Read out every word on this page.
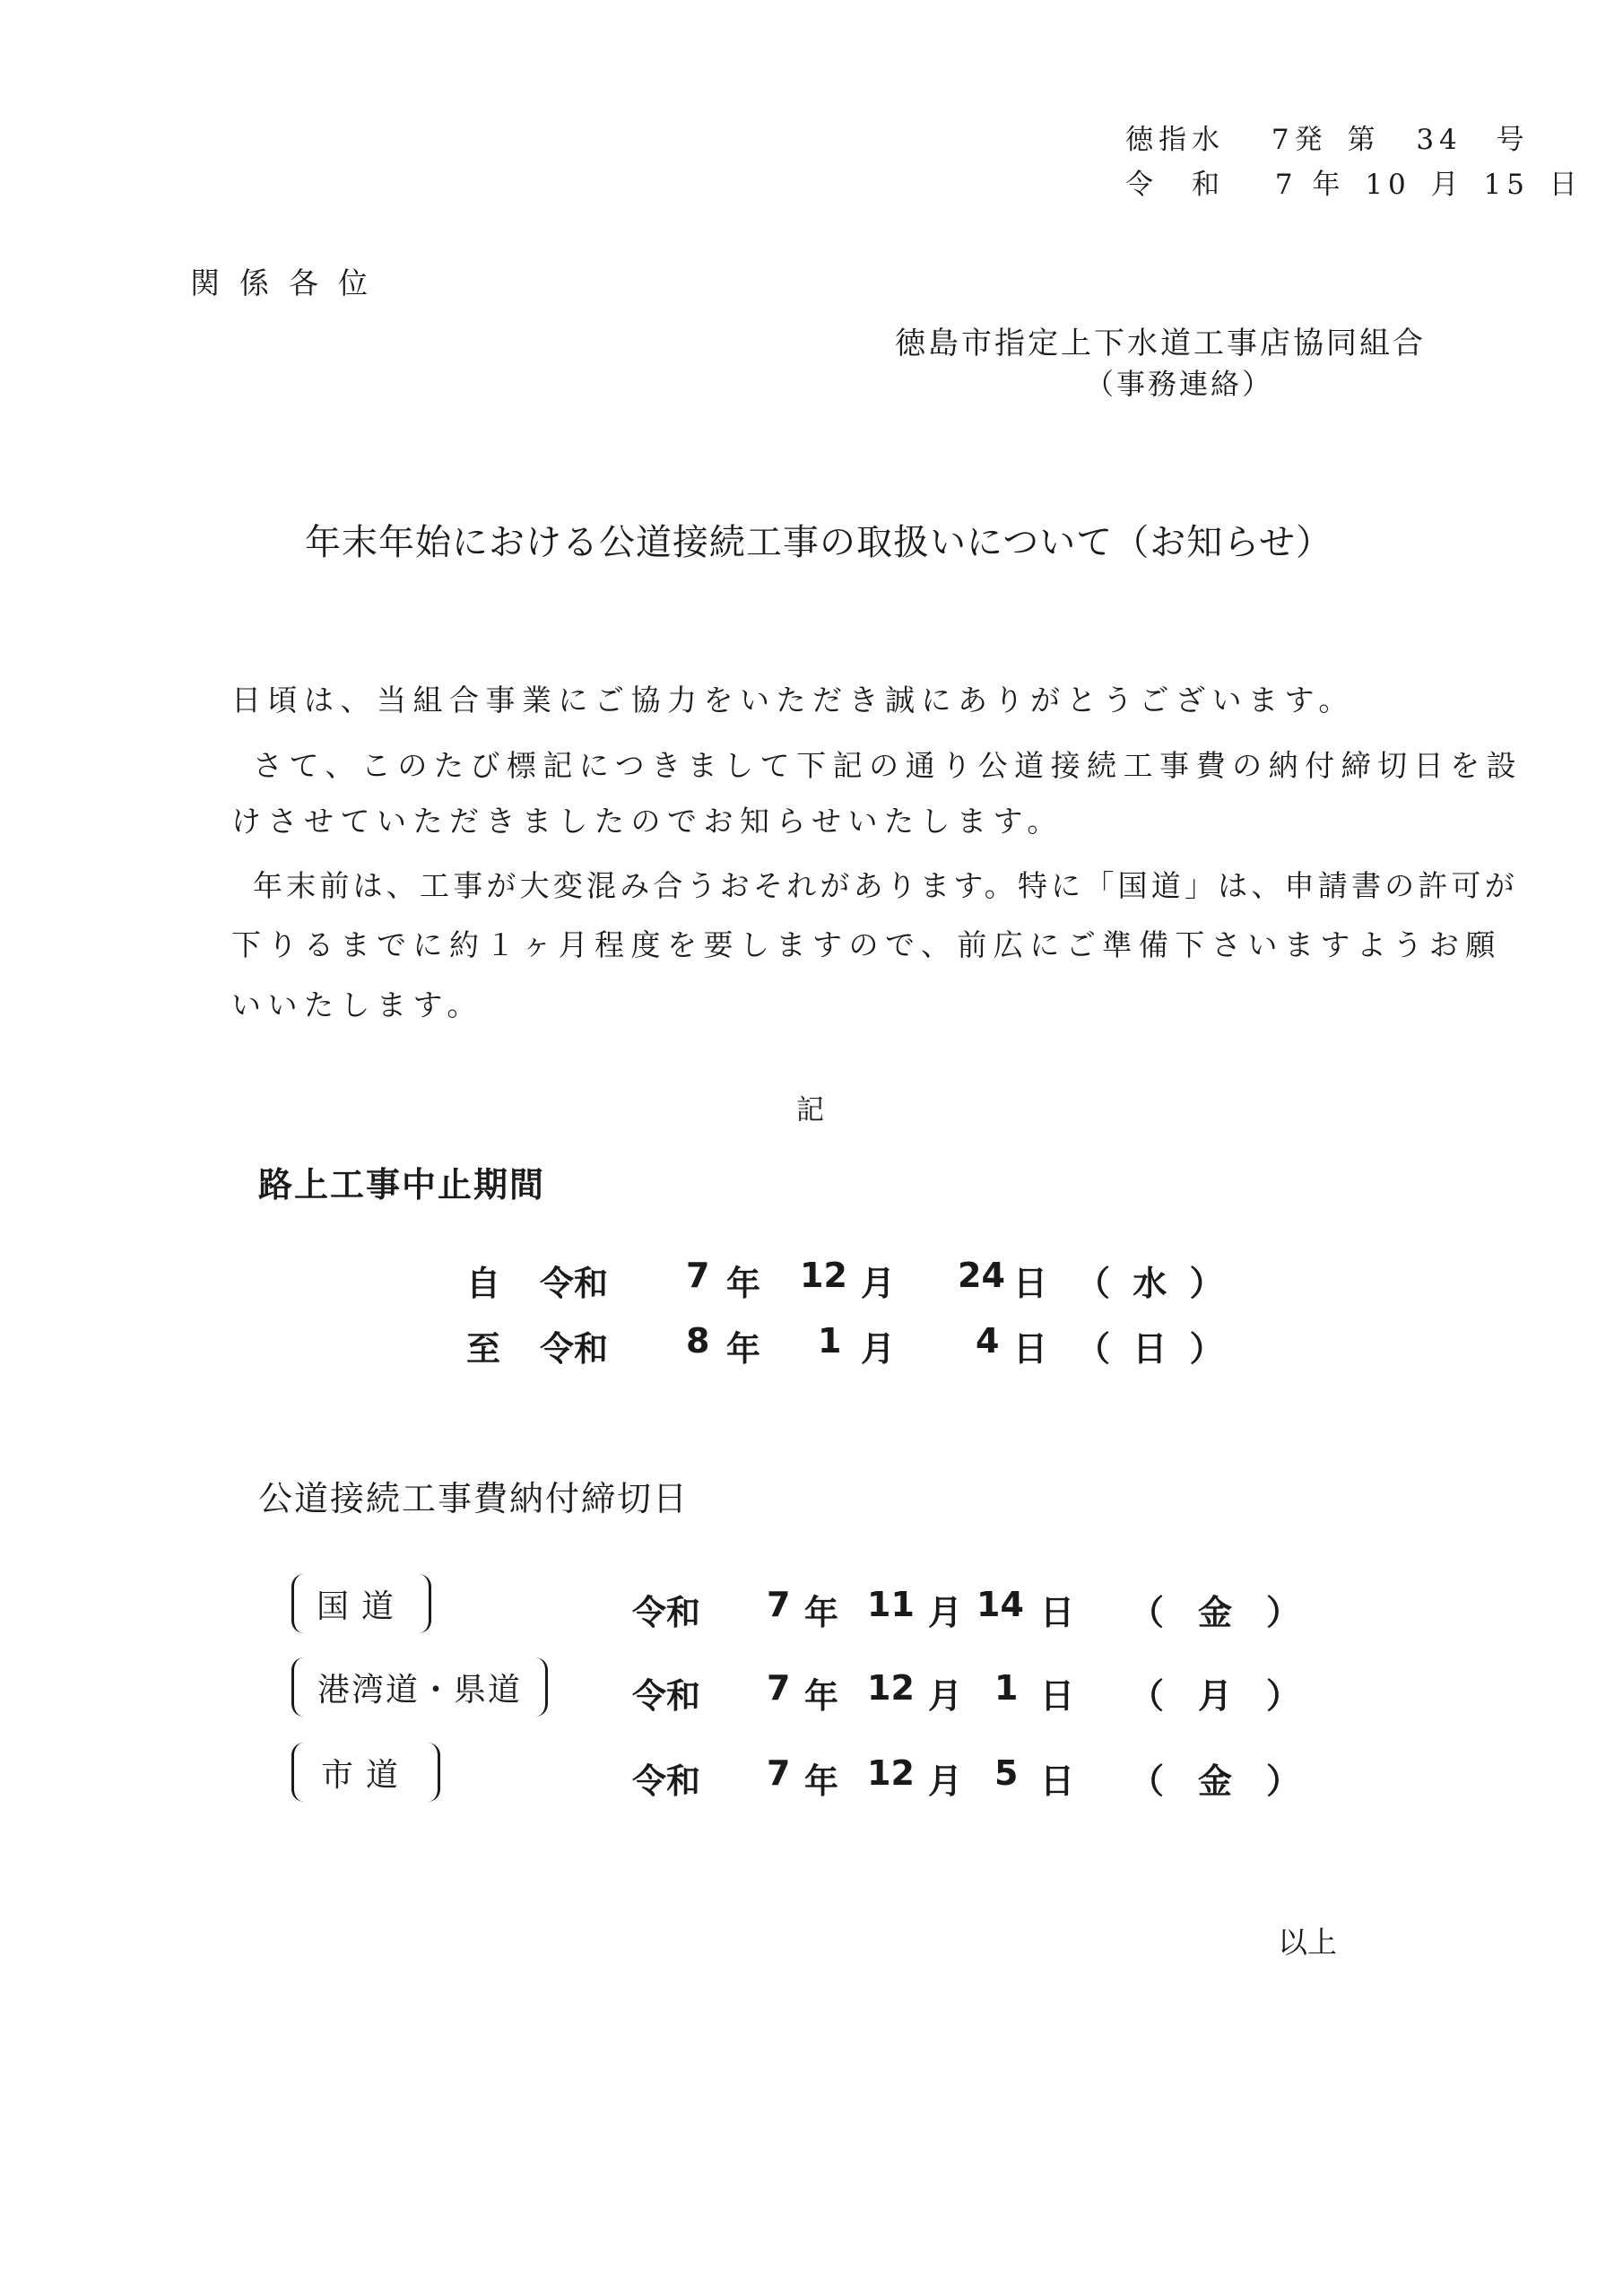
徳指水 7発 第 34 号
令　和 7 年 10 月 15 日
関係各位
徳島市指定上下水道工事店協同組合
（事務連絡）
年末年始における公道接続工事の取扱いについて（お知らせ）
日頃は、当組合事業にご協力をいただき誠にありがとうございます。
さて、このたび標記につきまして下記の通り公道接続工事費の納付締切日を設
けさせていただきましたのでお知らせいたします。
年末前は、工事が大変混み合うおそれがあります。特に「国道」は、申請書の許可が
下りるまでに約１ヶ月程度を要しますので、前広にご準備下さいますようお願
いいたします。
記
路上工事中止期間
自 令和 7 年 12 月 24 日 （ 水 ）
至 令和 8 年 1 月 4 日 （ 日 ）
公道接続工事費納付締切日
国道	令和 7 年 11 月 14 日 （　金　）
港湾道・県道	令和 7 年 12 月 1 日 （　月　）
市道	令和 7 年 12 月 5 日 （　金　）
以上
